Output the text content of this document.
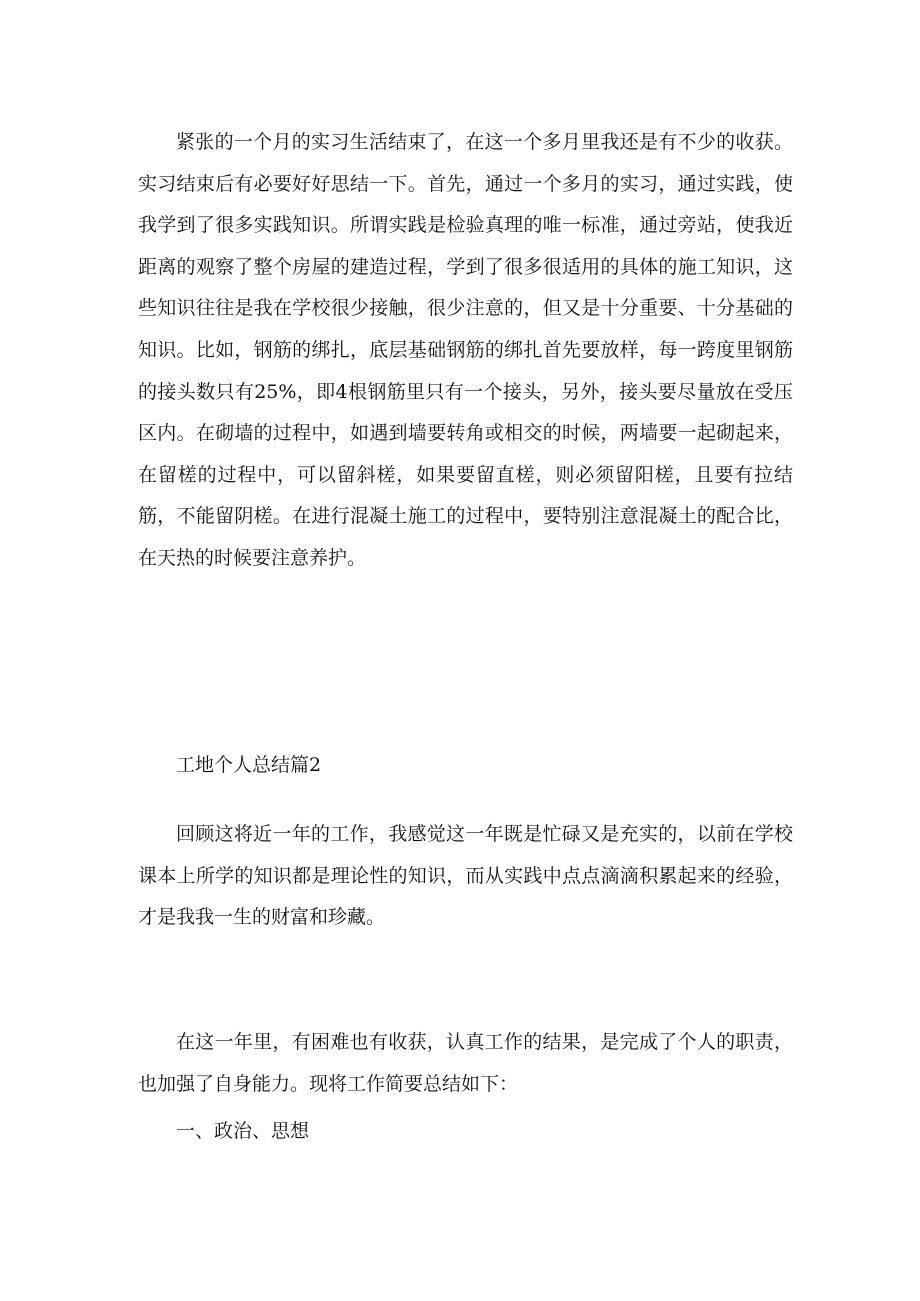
紧张的一个月的实习生活结束了，在这一个多月里我还是有不少的收获。实习结束后有必要好好思结一下。首先，通过一个多月的实习，通过实践，使我学到了很多实践知识。所谓实践是检验真理的唯一标准，通过旁站，使我近距离的观察了整个房屋的建造过程，学到了很多很适用的具体的施工知识，这些知识往往是我在学校很少接触，很少注意的，但又是十分重要、十分基础的知识。比如，钢筋的绑扎，底层基础钢筋的绑扎首先要放样，每一跨度里钢筋的接头数只有25%，即4根钢筋里只有一个接头，另外，接头要尽量放在受压区内。在砌墙的过程中，如遇到墙要转角或相交的时候，两墙要一起砌起来，在留槎的过程中，可以留斜槎，如果要留直槎，则必须留阳槎，且要有拉结筋，不能留阴槎。在进行混凝土施工的过程中，要特别注意混凝土的配合比，在天热的时候要注意养护。

工地个人总结篇2

回顾这将近一年的工作，我感觉这一年既是忙碌又是充实的，以前在学校课本上所学的知识都是理论性的知识，而从实践中点点滴滴积累起来的经验，才是我我一生的财富和珍藏。

在这一年里，有困难也有收获，认真工作的结果，是完成了个人的职责，也加强了自身能力。现将工作简要总结如下：

一、政治、思想
